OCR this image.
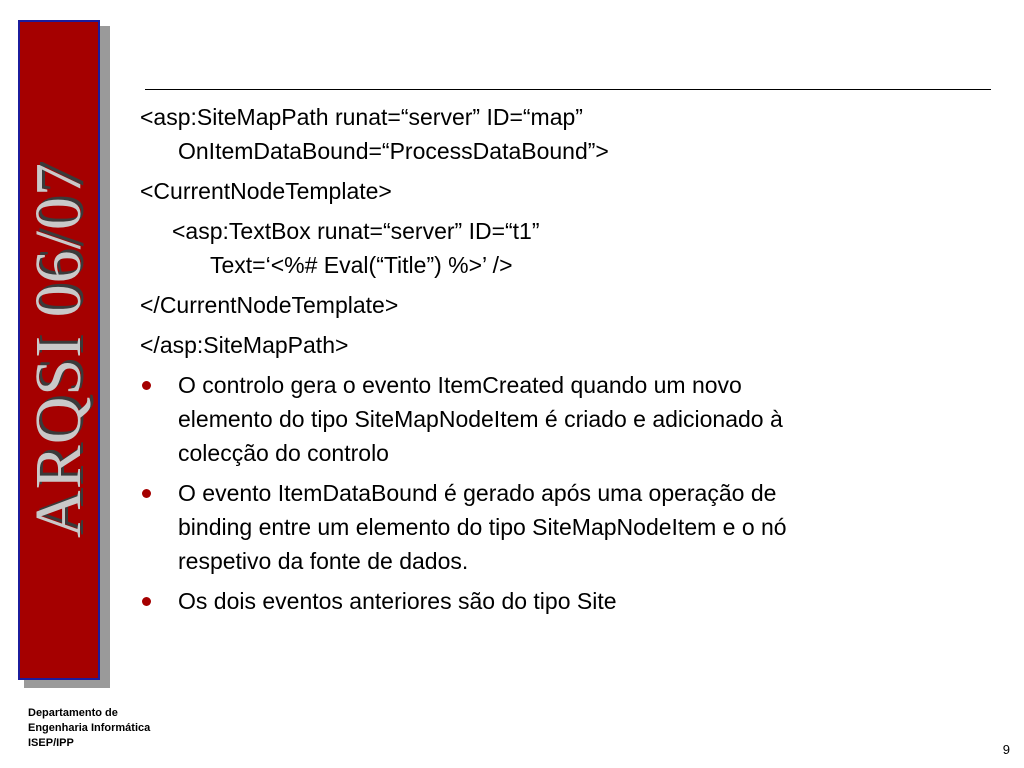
ARQSI 06/07
<asp:SiteMapPath runat=“server” ID=“map”
OnItemDataBound=“ProcessDataBound”>
<CurrentNodeTemplate>
<asp:TextBox runat=“server” ID=“t1”
Text=‘<%# Eval(“Title”) %>’ />
</CurrentNodeTemplate>
</asp:SiteMapPath>
O controlo gera o evento ItemCreated quando um novo
elemento do tipo SiteMapNodeItem é criado e adicionado à
colecção do controlo
O evento ItemDataBound é gerado após uma operação de
binding entre um elemento do tipo SiteMapNodeItem e o nó
respetivo da fonte de dados.
Os dois eventos anteriores são do tipo Site
Departamento de
Engenharia Informática
ISEP/IPP	9
